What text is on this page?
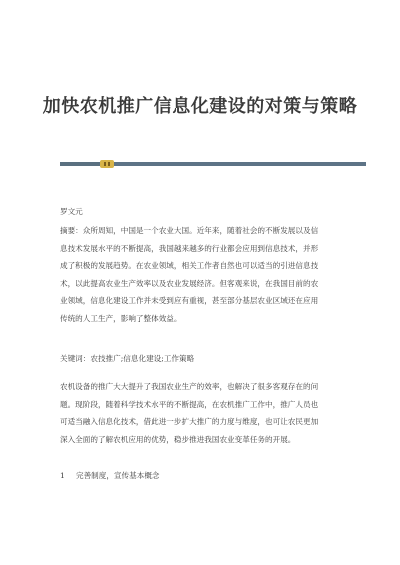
加快农机推广信息化建设的对策与策略
罗文元
摘要：众所周知，中国是一个农业大国。近年来，随着社会的不断发展以及信
息技术发展水平的不断提高，我国越来越多的行业都会应用到信息技术，并形
成了积极的发展趋势。在农业领域，相关工作者自然也可以适当的引进信息技
术，以此提高农业生产效率以及农业发展经济。但客观来说，在我国目前的农
业领域，信息化建设工作并未受到应有重视，甚至部分基层农业区域还在应用
传统的人工生产，影响了整体效益。
关键词：农技推广;信息化建设;工作策略
农机设备的推广大大提升了我国农业生产的效率，也解决了很多客观存在的问
题。现阶段，随着科学技术水平的不断提高，在农机推广工作中，推广人员也
可适当融入信息化技术，借此进一步扩大推广的力度与维度，也可让农民更加
深入全面的了解农机应用的优势，稳步推进我国农业变革任务的开展。
1 完善制度，宣传基本概念
